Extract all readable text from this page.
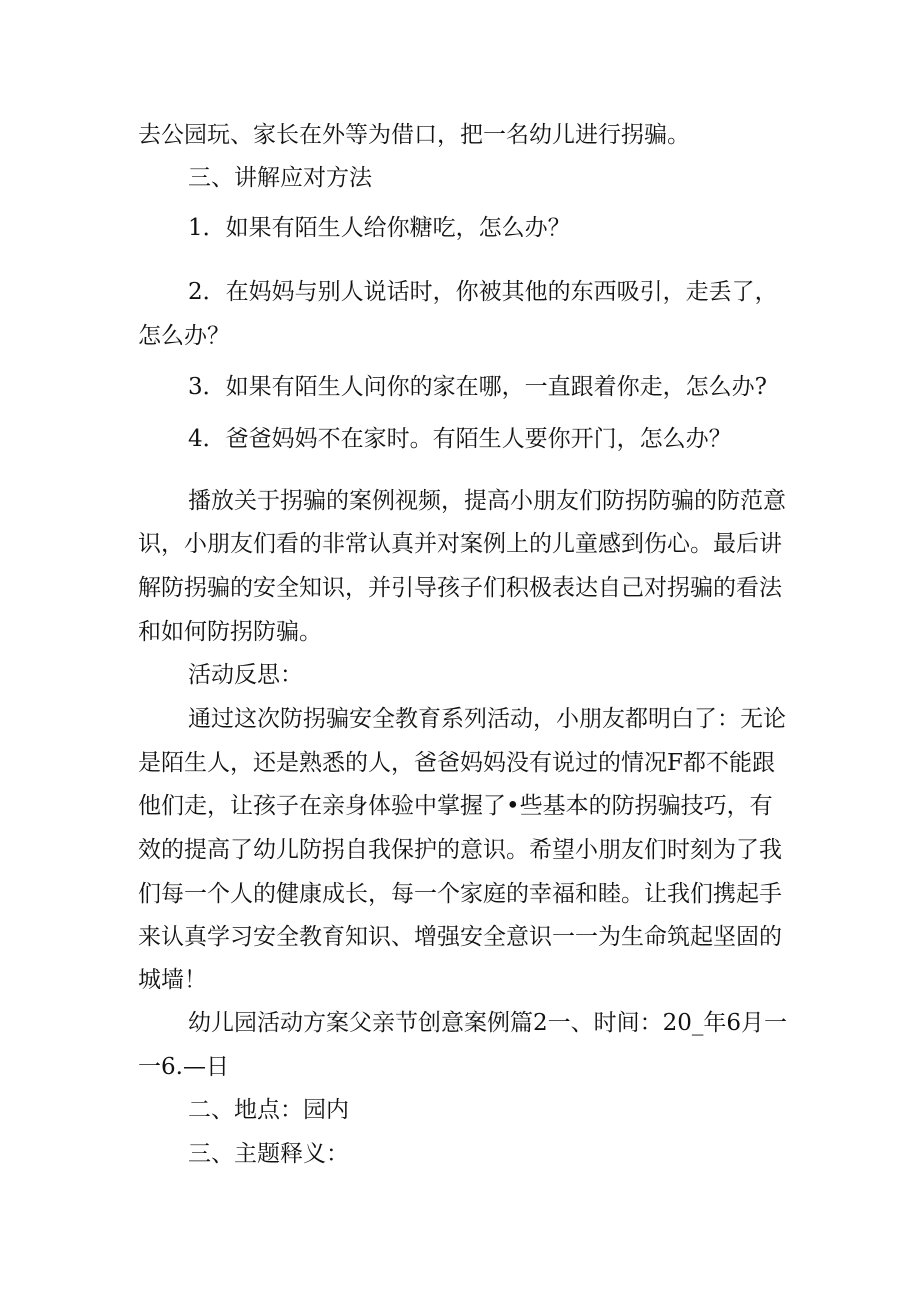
去公园玩、家长在外等为借口，把一名幼儿进行拐骗。
三、讲解应对方法
1．如果有陌生人给你糖吃，怎么办？
2．在妈妈与别人说话时，你被其他的东西吸引，走丢了，
怎么办？
3．如果有陌生人问你的家在哪，一直跟着你走，怎么办?
4．爸爸妈妈不在家时。有陌生人要你开门，怎么办？
播放关于拐骗的案例视频，提高小朋友们防拐防骗的防范意
识，小朋友们看的非常认真并对案例上的儿童感到伤心。最后讲
解防拐骗的安全知识，并引导孩子们积极表达自己对拐骗的看法
和如何防拐防骗。
活动反思：
通过这次防拐骗安全教育系列活动，小朋友都明白了：无论
是陌生人，还是熟悉的人，爸爸妈妈没有说过的情况F都不能跟
他们走，让孩子在亲身体验中掌握了•些基本的防拐骗技巧，有
效的提高了幼儿防拐自我保护的意识。希望小朋友们时刻为了我
们每一个人的健康成长，每一个家庭的幸福和睦。让我们携起手
来认真学习安全教育知识、增强安全意识一一为生命筑起坚固的
城墙！
幼儿园活动方案父亲节创意案例篇2一、时间：20_年6月一
一6.—日
二、地点：园内
三、主题释义：
